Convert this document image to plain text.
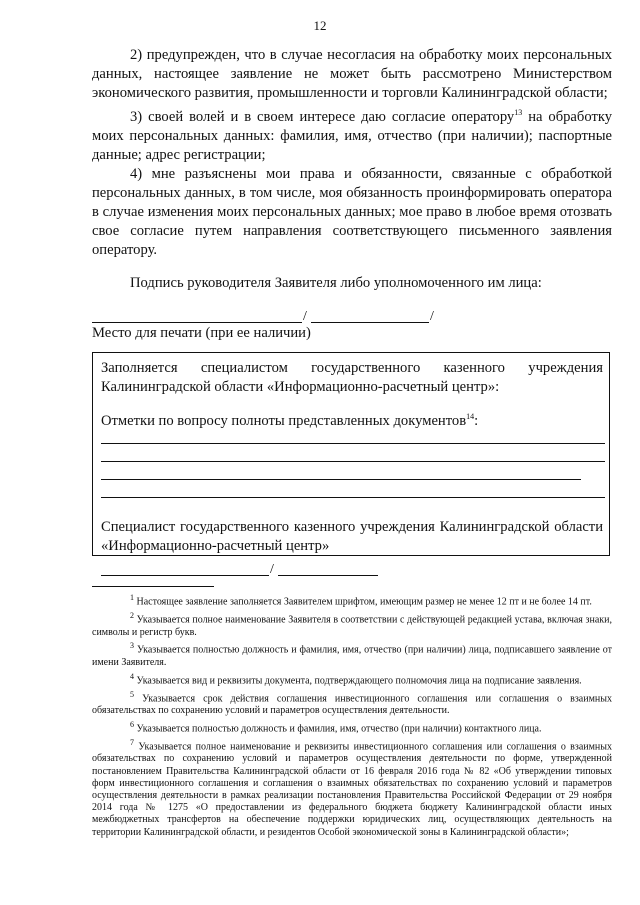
12

2) предупрежден, что в случае несогласия на обработку моих персональных данных, настоящее заявление не может быть рассмотрено Министерством экономического развития, промышленности и торговли Калининградской области;

3) своей волей и в своем интересе даю согласие оператору$^{13}$ на обработку моих персональных данных: фамилия, имя, отчество (при наличии); паспортные данные; адрес регистрации;

4) мне разъяснены мои права и обязанности, связанные с обработкой персональных данных, в том числе, моя обязанность проинформировать оператора в случае изменения моих персональных данных; мое право в любое время отозвать свое согласие путем направления соответствующего письменного заявления оператору.

Подпись руководителя Заявителя либо уполномоченного им лица:

/	/
Место для печати (при ее наличии)

Заполняется специалистом государственного казенного учреждения Калининградской области «Информационно-расчетный центр»:

Отметки по вопросу полноты представленных документов$^{14}$:

Специалист государственного казенного учреждения Калининградской области «Информационно-расчетный центр»

/

$^1$ Настоящее заявление заполняется Заявителем шрифтом, имеющим размер не менее 12 пт и не более 14 пт.

$^2$ Указывается полное наименование Заявителя в соответствии с действующей редакцией устава, включая знаки, символы и регистр букв.

$^3$ Указывается полностью должность и фамилия, имя, отчество (при наличии) лица, подписавшего заявление от имени Заявителя.

$^4$ Указывается вид и реквизиты документа, подтверждающего полномочия лица на подписание заявления.

$^5$ Указывается срок действия соглашения инвестиционного соглашения или соглашения о взаимных обязательствах по сохранению условий и параметров осуществления деятельности.

$^6$ Указывается полностью должность и фамилия, имя, отчество (при наличии) контактного лица.

$^7$ Указывается полное наименование и реквизиты инвестиционного соглашения или соглашения о взаимных обязательствах по сохранению условий и параметров осуществления деятельности по форме, утвержденной постановлением Правительства Калининградской области от 16 февраля 2016 года № 82 «Об утверждении типовых форм инвестиционного соглашения и соглашения о взаимных обязательствах по сохранению условий и параметров осуществления деятельности в рамках реализации постановления Правительства Российской Федерации от 29 ноября 2014 года № 1275 «О предоставлении из федерального бюджета бюджету Калининградской области иных межбюджетных трансфертов на обеспечение поддержки юридических лиц, осуществляющих деятельность на территории Калининградской области, и резидентов Особой экономической зоны в Калининградской области»;
